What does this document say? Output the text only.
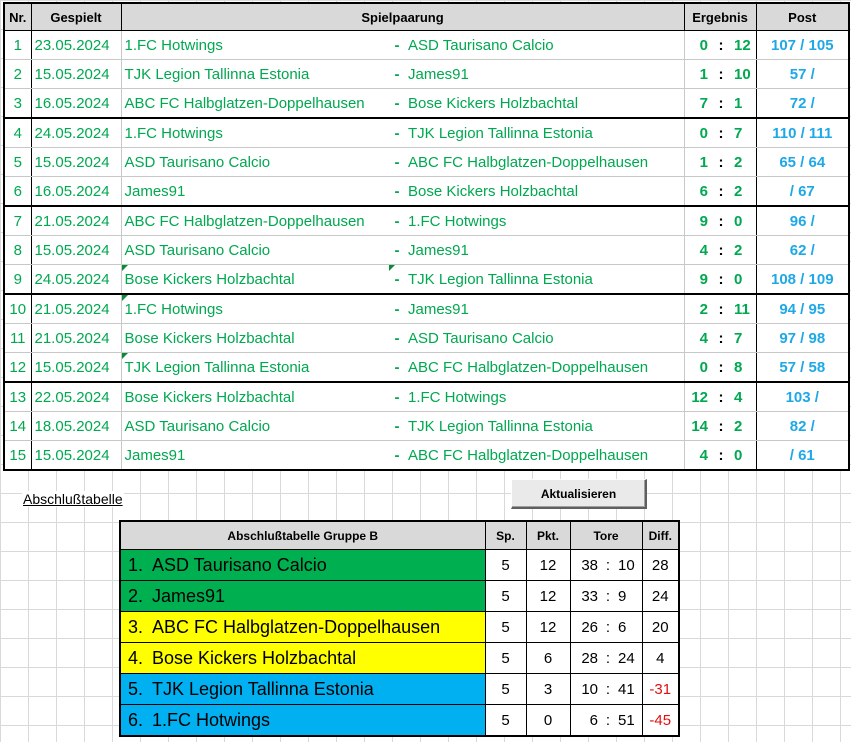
Nr.	Gespielt	Spielpaarung			Ergebnis			Post
1	23.05.2024	1.FC Hotwings	-	ASD Taurisano Calcio	0	:	12	107 / 105
2	15.05.2024	TJK Legion Tallinna Estonia	-	James91	1	:	10	57 /
3	16.05.2024	ABC FC Halbglatzen-Doppelhausen	-	Bose Kickers Holzbachtal	7	:	1	72 /
4	24.05.2024	1.FC Hotwings	-	TJK Legion Tallinna Estonia	0	:	7	110 / 111
5	15.05.2024	ASD Taurisano Calcio	-	ABC FC Halbglatzen-Doppelhausen	1	:	2	65 / 64
6	16.05.2024	James91	-	Bose Kickers Holzbachtal	6	:	2	/ 67
7	21.05.2024	ABC FC Halbglatzen-Doppelhausen	-	1.FC Hotwings	9	:	0	96 /
8	15.05.2024	ASD Taurisano Calcio	-	James91	4	:	2	62 /
9	24.05.2024	Bose Kickers Holzbachtal	-	TJK Legion Tallinna Estonia	9	:	0	108 / 109
10	21.05.2024	1.FC Hotwings	-	James91	2	:	11	94 / 95
11	21.05.2024	Bose Kickers Holzbachtal	-	ASD Taurisano Calcio	4	:	7	97 / 98
12	15.05.2024	TJK Legion Tallinna Estonia	-	ABC FC Halbglatzen-Doppelhausen	0	:	8	57 / 58
13	22.05.2024	Bose Kickers Holzbachtal	-	1.FC Hotwings	12	:	4	103 /
14	18.05.2024	ASD Taurisano Calcio	-	TJK Legion Tallinna Estonia	14	:	2	82 /
15	15.05.2024	James91	-	ABC FC Halbglatzen-Doppelhausen	4	:	0	/ 61
Abschlußtabelle	Aktualisieren
Abschlußtabelle Gruppe B	Sp.	Pkt.	Tore			Diff.
1. ASD Taurisano Calcio	5	12	38	:	10	28
2. James91	5	12	33	:	9	24
3. ABC FC Halbglatzen-Doppelhausen	5	12	26	:	6	20
4. Bose Kickers Holzbachtal	5	6	28	:	24	4
5. TJK Legion Tallinna Estonia	5	3	10	:	41	-31
6. 1.FC Hotwings	5	0	6	:	51	-45
